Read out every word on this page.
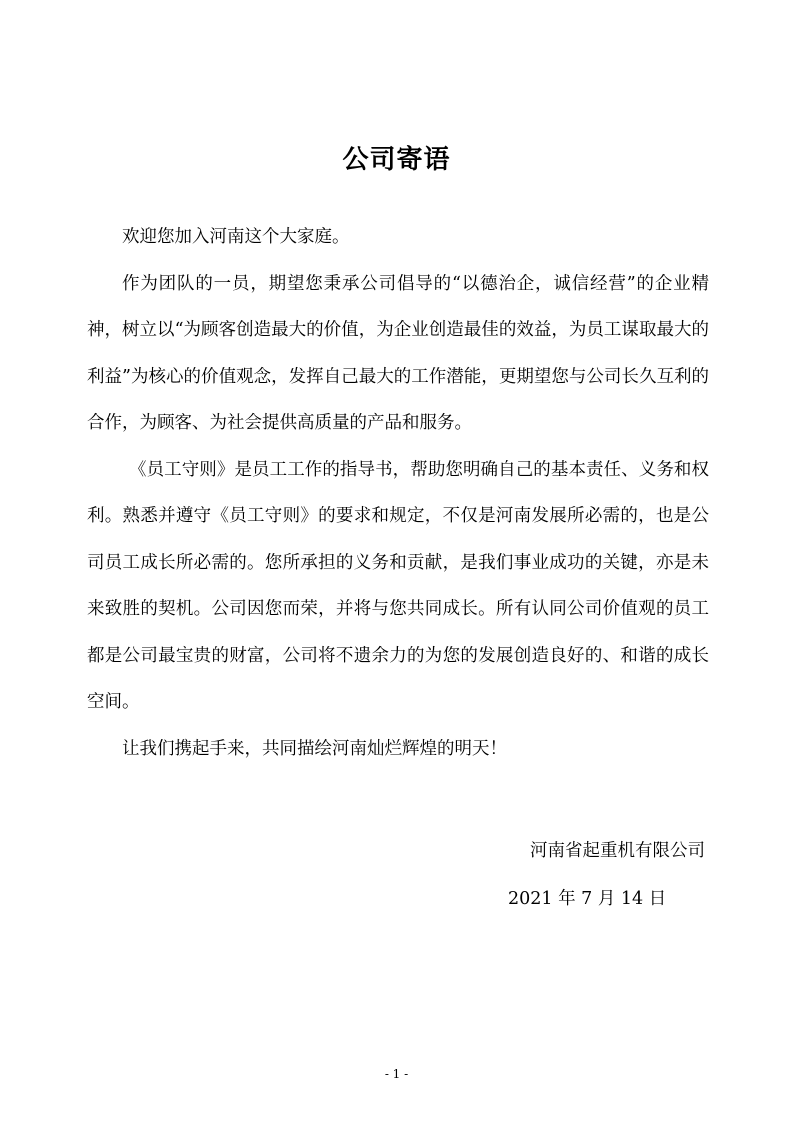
公司寄语

欢迎您加入河南这个大家庭。

作为团队的一员，期望您秉承公司倡导的“以德治企，诚信经营”的企业精神，树立以“为顾客创造最大的价值，为企业创造最佳的效益，为员工谋取最大的利益”为核心的价值观念，发挥自己最大的工作潜能，更期望您与公司长久互利的合作，为顾客、为社会提供高质量的产品和服务。

《员工守则》是员工工作的指导书，帮助您明确自己的基本责任、义务和权利。熟悉并遵守《员工守则》的要求和规定，不仅是河南发展所必需的，也是公司员工成长所必需的。您所承担的义务和贡献，是我们事业成功的关键，亦是未来致胜的契机。公司因您而荣，并将与您共同成长。所有认同公司价值观的员工都是公司最宝贵的财富，公司将不遗余力的为您的发展创造良好的、和谐的成长空间。

让我们携起手来，共同描绘河南灿烂辉煌的明天！

河南省起重机有限公司
2021 年 7 月 14 日
- 1 -
